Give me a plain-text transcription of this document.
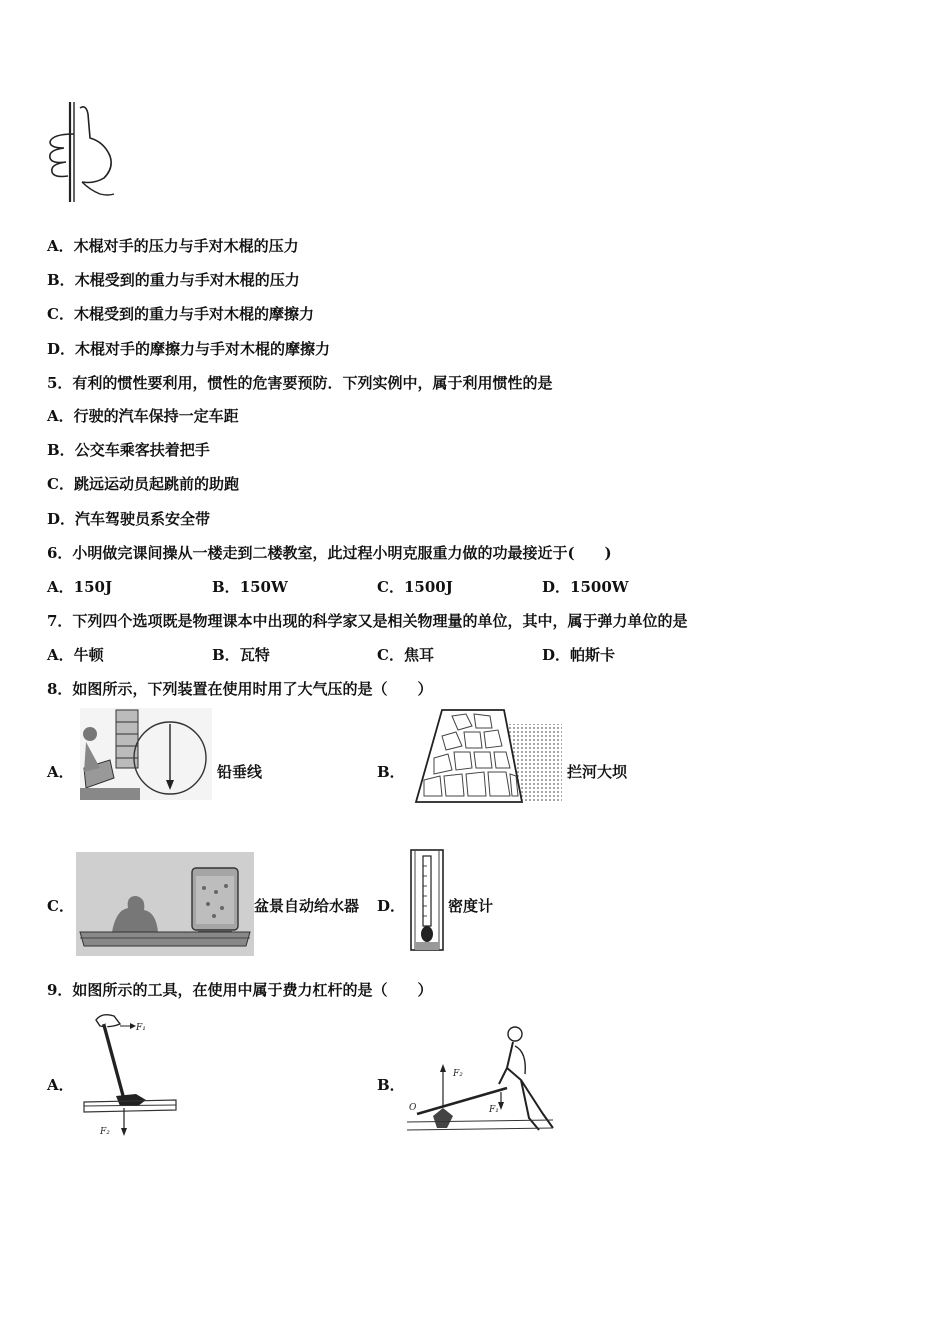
A．木棍对手的压力与手对木棍的压力
B．木棍受到的重力与手对木棍的压力
C．木棍受到的重力与手对木棍的摩擦力
D．木棍对手的摩擦力与手对木棍的摩擦力
5．有利的惯性要利用，惯性的危害要预防．下列实例中，属于利用惯性的是
A．行驶的汽车保持一定车距
B．公交车乘客扶着把手
C．跳远运动员起跳前的助跑
D．汽车驾驶员系安全带
6．小明做完课间操从一楼走到二楼教室，此过程小明克服重力做的功最接近于(　　)
A．150J	B．150W	C．1500J	D．1500W
7．下列四个选项既是物理课本中出现的科学家又是相关物理量的单位，其中，属于弹力单位的是
A．牛顿	B．瓦特	C．焦耳	D．帕斯卡
8．如图所示，下列装置在使用时用了大气压的是（　　）
A．	铅垂线	B．	拦河大坝
C．	盆景自动给水器 D．	密度计
9．如图所示的工具，在使用中属于费力杠杆的是（　　）
A．
F₁
F₂
B．
F₂
F₁
O
